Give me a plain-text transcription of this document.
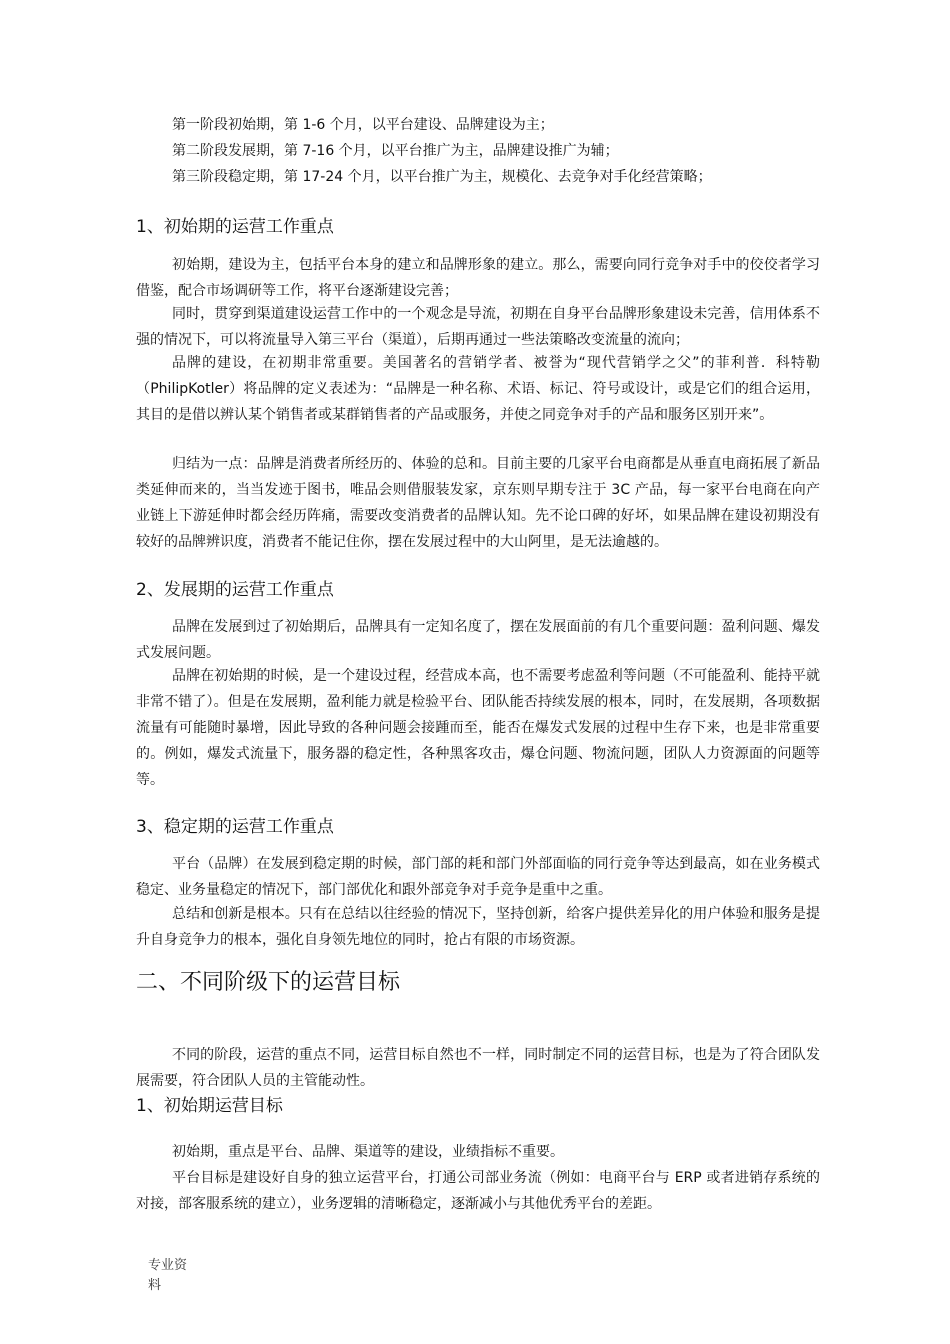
第一阶段初始期，第 1-6 个月，以平台建设、品牌建设为主；

第二阶段发展期，第 7-16 个月，以平台推广为主，品牌建设推广为辅；

第三阶段稳定期，第 17-24 个月，以平台推广为主，规模化、去竞争对手化经营策略；

1、初始期的运营工作重点

初始期，建设为主，包括平台本身的建立和品牌形象的建立。那么，需要向同行竞争对手中的佼佼者学习借鉴，配合市场调研等工作，将平台逐渐建设完善；

同时，贯穿到渠道建设运营工作中的一个观念是导流，初期在自身平台品牌形象建设未完善，信用体系不强的情况下，可以将流量导入第三平台（渠道），后期再通过一些法策略改变流量的流向；

品牌的建设，在初期非常重要。美国著名的营销学者、被誉为“现代营销学之父”的菲利普．科特勒（PhilipKotler）将品牌的定义表述为：“品牌是一种名称、术语、标记、符号或设计，或是它们的组合运用，其目的是借以辨认某个销售者或某群销售者的产品或服务，并使之同竞争对手的产品和服务区别开来”。

归结为一点：品牌是消费者所经历的、体验的总和。目前主要的几家平台电商都是从垂直电商拓展了新品类延伸而来的，当当发迹于图书，唯品会则借服装发家，京东则早期专注于 3C 产品，每一家平台电商在向产业链上下游延伸时都会经历阵痛，需要改变消费者的品牌认知。先不论口碑的好坏，如果品牌在建设初期没有较好的品牌辨识度，消费者不能记住你，摆在发展过程中的大山阿里，是无法逾越的。

2、发展期的运营工作重点

品牌在发展到过了初始期后，品牌具有一定知名度了，摆在发展面前的有几个重要问题：盈利问题、爆发式发展问题。

品牌在初始期的时候，是一个建设过程，经营成本高，也不需要考虑盈利等问题（不可能盈利、能持平就非常不错了）。但是在发展期，盈利能力就是检验平台、团队能否持续发展的根本，同时，在发展期，各项数据流量有可能随时暴增，因此导致的各种问题会接踵而至，能否在爆发式发展的过程中生存下来，也是非常重要的。例如，爆发式流量下，服务器的稳定性，各种黑客攻击，爆仓问题、物流问题，团队人力资源面的问题等等。

3、稳定期的运营工作重点

平台（品牌）在发展到稳定期的时候，部门部的耗和部门外部面临的同行竞争等达到最高，如在业务模式稳定、业务量稳定的情况下，部门部优化和跟外部竞争对手竞争是重中之重。

总结和创新是根本。只有在总结以往经验的情况下，坚持创新，给客户提供差异化的用户体验和服务是提升自身竞争力的根本，强化自身领先地位的同时，抢占有限的市场资源。

二、不同阶级下的运营目标

不同的阶段，运营的重点不同，运营目标自然也不一样，同时制定不同的运营目标，也是为了符合团队发展需要，符合团队人员的主管能动性。

1、初始期运营目标

初始期，重点是平台、品牌、渠道等的建设，业绩指标不重要。

平台目标是建设好自身的独立运营平台，打通公司部业务流（例如：电商平台与 ERP 或者进销存系统的对接，部客服系统的建立），业务逻辑的清晰稳定，逐渐减小与其他优秀平台的差距。

专业资
料
